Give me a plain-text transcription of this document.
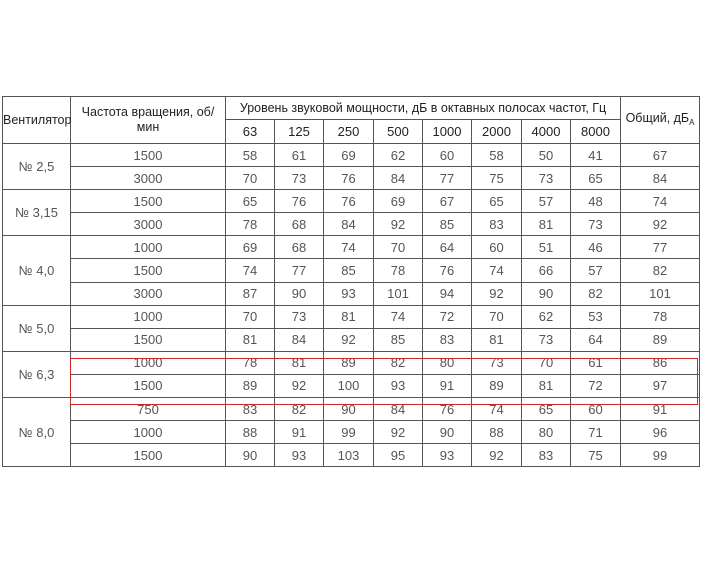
Вентилятор	Частота вращения, об/мин	Уровень звуковой мощности, дБ в октавных полосах частот, Гц								Общий, $дБ_А$
		63	125	250	500	1000	2000	4000	8000	
№ 2,5	1500	58	61	69	62	60	58	50	41	67
	3000	70	73	76	84	77	75	73	65	84
№ 3,15	1500	65	76	76	69	67	65	57	48	74
	3000	78	68	84	92	85	83	81	73	92
№ 4,0	1000	69	68	74	70	64	60	51	46	77
	1500	74	77	85	78	76	74	66	57	82
	3000	87	90	93	101	94	92	90	82	101
№ 5,0	1000	70	73	81	74	72	70	62	53	78
	1500	81	84	92	85	83	81	73	64	89
№ 6,3	1000	78	81	89	82	80	73	70	61	86
	1500	89	92	100	93	91	89	81	72	97
№ 8,0	750	83	82	90	84	76	74	65	60	91
	1000	88	91	99	92	90	88	80	71	96
	1500	90	93	103	95	93	92	83	75	99
